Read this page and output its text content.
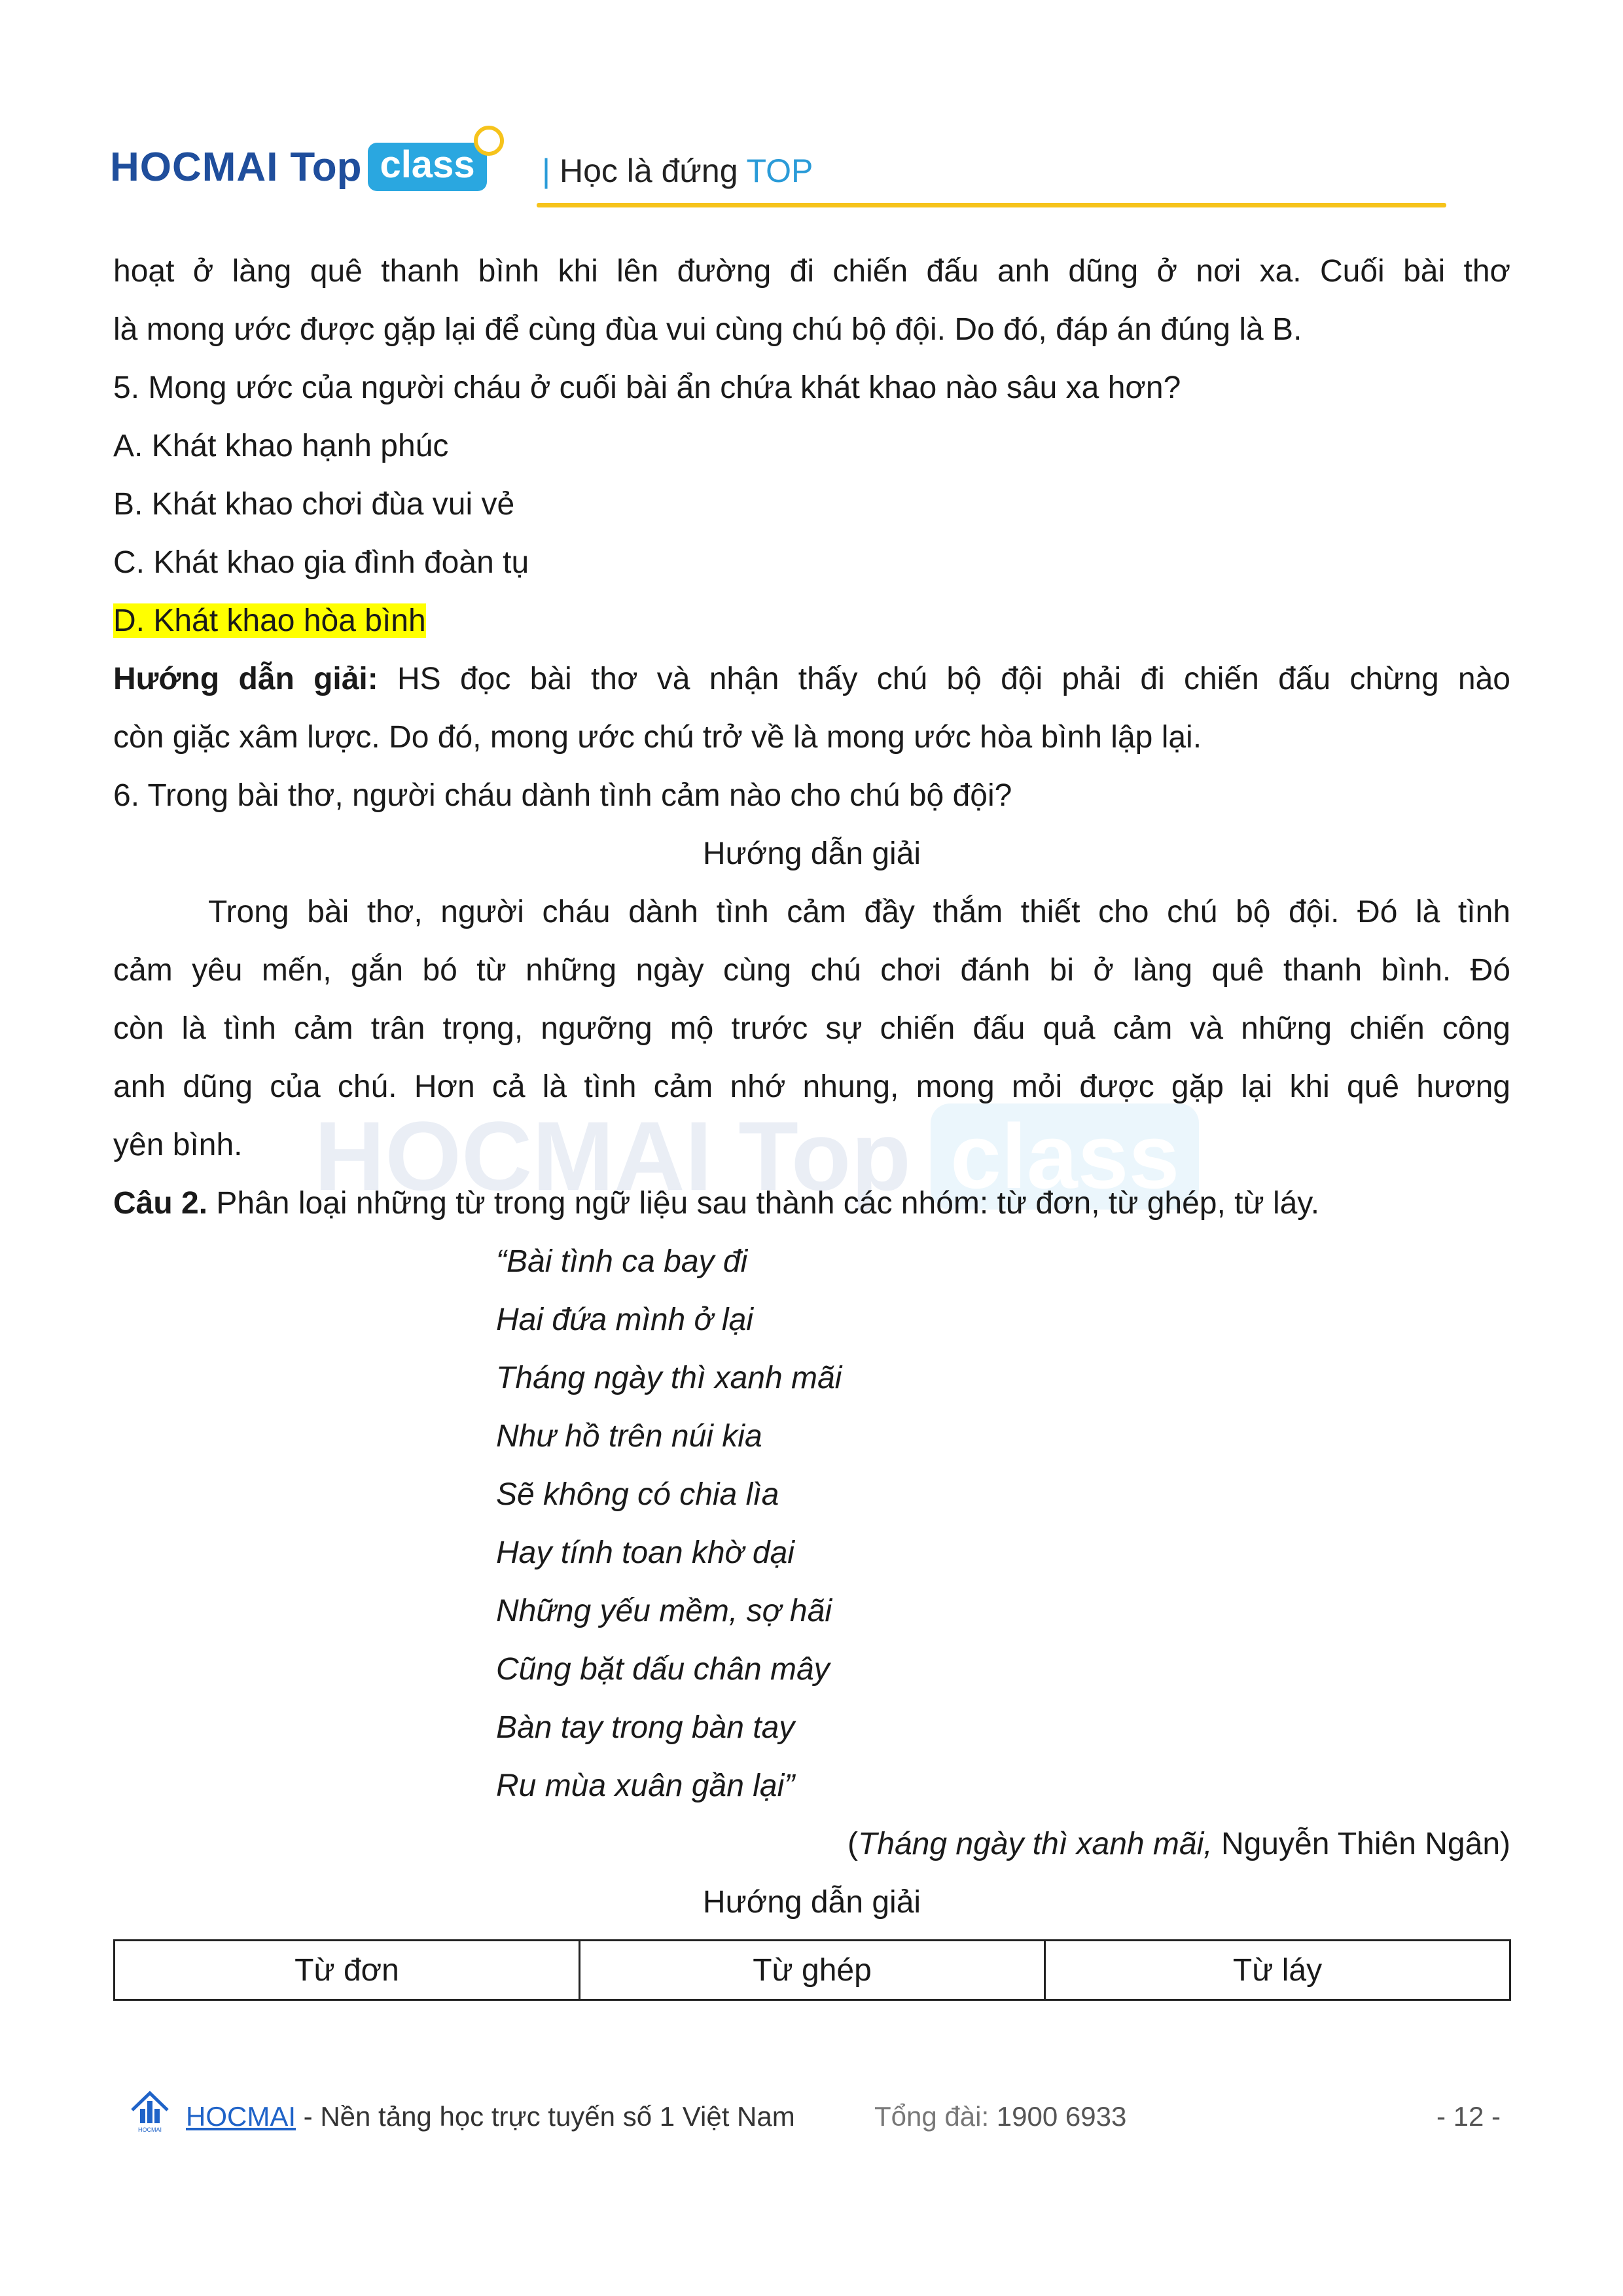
HOCMAI Top class	| Học là đứng TOP
HOCMAI Top class

hoạt ở làng quê thanh bình khi lên đường đi chiến đấu anh dũng ở nơi xa. Cuối bài thơ

là mong ước được gặp lại để cùng đùa vui cùng chú bộ đội. Do đó, đáp án đúng là B.

5. Mong ước của người cháu ở cuối bài ẩn chứa khát khao nào sâu xa hơn?

A. Khát khao hạnh phúc

B. Khát khao chơi đùa vui vẻ

C. Khát khao gia đình đoàn tụ

D. Khát khao hòa bình

Hướng dẫn giải: HS đọc bài thơ và nhận thấy chú bộ đội phải đi chiến đấu chừng nào

còn giặc xâm lược. Do đó, mong ước chú trở về là mong ước hòa bình lập lại.

6. Trong bài thơ, người cháu dành tình cảm nào cho chú bộ đội?

Hướng dẫn giải

Trong bài thơ, người cháu dành tình cảm đầy thắm thiết cho chú bộ đội. Đó là tình

cảm yêu mến, gắn bó từ những ngày cùng chú chơi đánh bi ở làng quê thanh bình. Đó

còn là tình cảm trân trọng, ngưỡng mộ trước sự chiến đấu quả cảm và những chiến công

anh dũng của chú. Hơn cả là tình cảm nhớ nhung, mong mỏi được gặp lại khi quê hương

yên bình.

Câu 2. Phân loại những từ trong ngữ liệu sau thành các nhóm: từ đơn, từ ghép, từ láy.

“Bài tình ca bay đi

Hai đứa mình ở lại

Tháng ngày thì xanh mãi

Như hồ trên núi kia

Sẽ không có chia lìa

Hay tính toan khờ dại

Những yếu mềm, sợ hãi

Cũng bặt dấu chân mây

Bàn tay trong bàn tay

Ru mùa xuân gần lại”

(Tháng ngày thì xanh mãi, Nguyễn Thiên Ngân)

Hướng dẫn giải

Từ đơn	Từ ghép	Từ láy
HOCMAI HOCMAI - Nền tảng học trực tuyến số 1 Việt Nam	Tổng đài: 1900 6933	- 12 -
